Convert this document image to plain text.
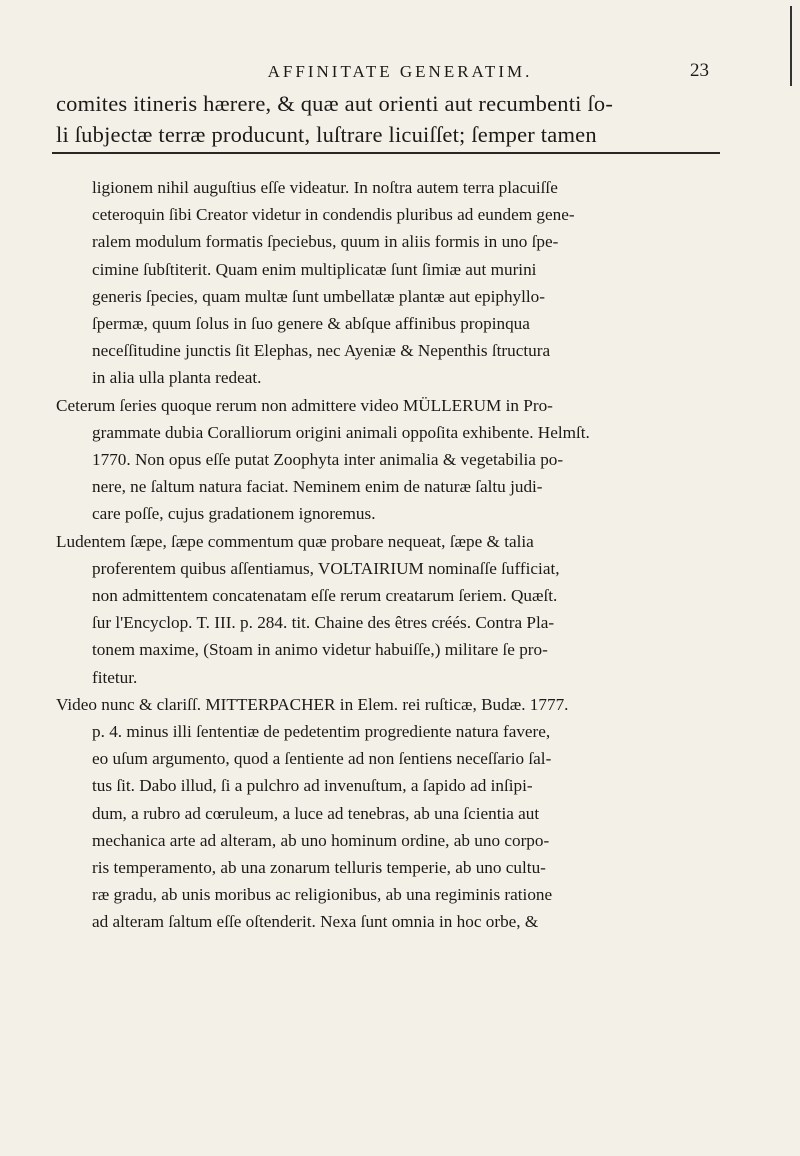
AFFINITATE GENERATIM.	23
comites itineris hærere, & quæ aut orienti aut recumbenti ſo-
li ſubjectæ terræ producunt, luſtrare licuiſſet; ſemper tamen
ligionem nihil auguſtius eſſe videatur. In noſtra autem terra placuiſſe
ceteroquin ſibi Creator videtur in condendis pluribus ad eundem gene-
ralem modulum formatis ſpeciebus, quum in aliis formis in uno ſpe-
cimine ſubſtiterit. Quam enim multiplicatæ ſunt ſimiæ aut murini
generis ſpecies, quam multæ ſunt umbellatæ plantæ aut epiphyllo-
ſpermæ, quum ſolus in ſuo genere & abſque affinibus propinqua
neceſſitudine junctis ſit Elephas, nec Ayeniæ & Nepenthis ſtructura
in alia ulla planta redeat.
Ceterum ſeries quoque rerum non admittere video MÜLLERUM in Pro-
grammate dubia Coralliorum origini animali oppoſita exhibente. Helmſt.
1770. Non opus eſſe putat Zoophyta inter animalia & vegetabilia po-
nere, ne ſaltum natura faciat. Neminem enim de naturæ ſaltu judi-
care poſſe, cujus gradationem ignoremus.
Ludentem ſæpe, ſæpe commentum quæ probare nequeat, ſæpe & talia
proferentem quibus aſſentiamus, VOLTAIRIUM nominaſſe ſufficiat,
non admittentem concatenatam eſſe rerum creatarum ſeriem. Quæſt.
ſur l'Encyclop. T. III. p. 284. tit. Chaine des êtres créés. Contra Pla-
tonem maxime, (Stoam in animo videtur habuiſſe,) militare ſe pro-
fitetur.
Video nunc & clariſſ. MITTERPACHER in Elem. rei ruſticæ, Budæ. 1777.
p. 4. minus illi ſententiæ de pedetentim progrediente natura favere,
eo uſum argumento, quod a ſentiente ad non ſentiens neceſſario ſal-
tus ſit. Dabo illud, ſi a pulchro ad invenuſtum, a ſapido ad inſipi-
dum, a rubro ad cœruleum, a luce ad tenebras, ab una ſcientia aut
mechanica arte ad alteram, ab uno hominum ordine, ab uno corpo-
ris temperamento, ab una zonarum telluris temperie, ab uno cultu-
ræ gradu, ab unis moribus ac religionibus, ab una regiminis ratione
ad alteram ſaltum eſſe oſtenderit. Nexa ſunt omnia in hoc orbe, &
